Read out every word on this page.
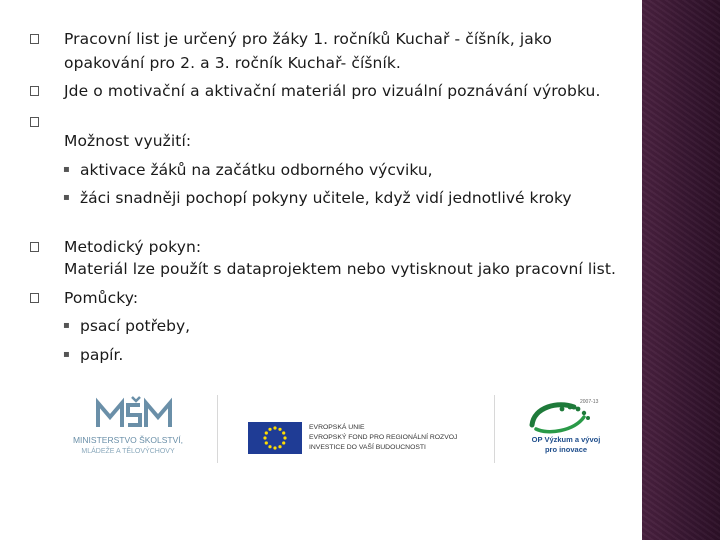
Pracovní list je určený pro žáky 1. ročníků Kuchař - číšník, jako
opakování pro 2. a 3. ročník Kuchař- číšník.
Jde o motivační a aktivační materiál pro vizuální poznávání výrobku.
Možnost využití:
▪ aktivace žáků na začátku odborného výcviku,
▪ žáci snadněji pochopí pokyny učitele, když vidí jednotlivé kroky
Metodický pokyn:
Materiál lze použít s dataprojektem nebo vytisknout jako pracovní list.
Pomůcky:
▪ psací potřeby,
▪ papír.
MINISTERSTVO ŠKOLSTVÍ,
MLÁDEŽE A TĚLOVÝCHOVY
EVROPSKÁ UNIE
EVROPSKÝ FOND PRO REGIONÁLNÍ ROZVOJ
INVESTICE DO VAŠÍ BUDOUCNOSTI
2007-13
OP Výzkum a vývoj
pro inovace
